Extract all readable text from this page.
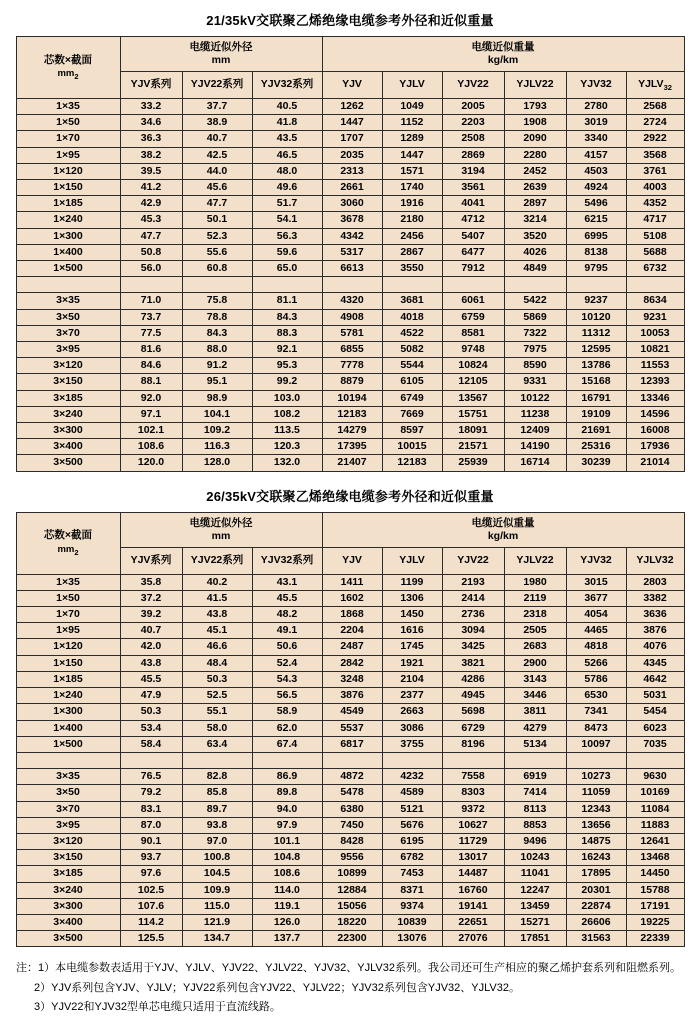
21/35kV交联聚乙烯绝缘电缆参考外径和近似重量
芯数×截面
$mm_2$	电缆近似外径
mm			电缆近似重量
kg/km					
	YJV系列	YJV22系列	YJV32系列	YJV	YJLV	YJV22	YJLV22	YJV32	$YJLV_{32}$
1×35	33.2	37.7	40.5	1262	1049	2005	1793	2780	2568
1×50	34.6	38.9	41.8	1447	1152	2203	1908	3019	2724
1×70	36.3	40.7	43.5	1707	1289	2508	2090	3340	2922
1×95	38.2	42.5	46.5	2035	1447	2869	2280	4157	3568
1×120	39.5	44.0	48.0	2313	1571	3194	2452	4503	3761
1×150	41.2	45.6	49.6	2661	1740	3561	2639	4924	4003
1×185	42.9	47.7	51.7	3060	1916	4041	2897	5496	4352
1×240	45.3	50.1	54.1	3678	2180	4712	3214	6215	4717
1×300	47.7	52.3	56.3	4342	2456	5407	3520	6995	5108
1×400	50.8	55.6	59.6	5317	2867	6477	4026	8138	5688
1×500	56.0	60.8	65.0	6613	3550	7912	4849	9795	6732

3×35	71.0	75.8	81.1	4320	3681	6061	5422	9237	8634
3×50	73.7	78.8	84.3	4908	4018	6759	5869	10120	9231
3×70	77.5	84.3	88.3	5781	4522	8581	7322	11312	10053
3×95	81.6	88.0	92.1	6855	5082	9748	7975	12595	10821
3×120	84.6	91.2	95.3	7778	5544	10824	8590	13786	11553
3×150	88.1	95.1	99.2	8879	6105	12105	9331	15168	12393
3×185	92.0	98.9	103.0	10194	6749	13567	10122	16791	13346
3×240	97.1	104.1	108.2	12183	7669	15751	11238	19109	14596
3×300	102.1	109.2	113.5	14279	8597	18091	12409	21691	16008
3×400	108.6	116.3	120.3	17395	10015	21571	14190	25316	17936
3×500	120.0	128.0	132.0	21407	12183	25939	16714	30239	21014
26/35kV交联聚乙烯绝缘电缆参考外径和近似重量
芯数×截面
$mm_2$	电缆近似外径
mm			电缆近似重量
kg/km					
	YJV系列	YJV22系列	YJV32系列	YJV	YJLV	YJV22	YJLV22	YJV32	YJLV32
1×35	35.8	40.2	43.1	1411	1199	2193	1980	3015	2803
1×50	37.2	41.5	45.5	1602	1306	2414	2119	3677	3382
1×70	39.2	43.8	48.2	1868	1450	2736	2318	4054	3636
1×95	40.7	45.1	49.1	2204	1616	3094	2505	4465	3876
1×120	42.0	46.6	50.6	2487	1745	3425	2683	4818	4076
1×150	43.8	48.4	52.4	2842	1921	3821	2900	5266	4345
1×185	45.5	50.3	54.3	3248	2104	4286	3143	5786	4642
1×240	47.9	52.5	56.5	3876	2377	4945	3446	6530	5031
1×300	50.3	55.1	58.9	4549	2663	5698	3811	7341	5454
1×400	53.4	58.0	62.0	5537	3086	6729	4279	8473	6023
1×500	58.4	63.4	67.4	6817	3755	8196	5134	10097	7035

3×35	76.5	82.8	86.9	4872	4232	7558	6919	10273	9630
3×50	79.2	85.8	89.8	5478	4589	8303	7414	11059	10169
3×70	83.1	89.7	94.0	6380	5121	9372	8113	12343	11084
3×95	87.0	93.8	97.9	7450	5676	10627	8853	13656	11883
3×120	90.1	97.0	101.1	8428	6195	11729	9496	14875	12641
3×150	93.7	100.8	104.8	9556	6782	13017	10243	16243	13468
3×185	97.6	104.5	108.6	10899	7453	14487	11041	17895	14450
3×240	102.5	109.9	114.0	12884	8371	16760	12247	20301	15788
3×300	107.6	115.0	119.1	15056	9374	19141	13459	22874	17191
3×400	114.2	121.9	126.0	18220	10839	22651	15271	26606	19225
3×500	125.5	134.7	137.7	22300	13076	27076	17851	31563	22339
注：1）本电缆参数表适用于YJV、YJLV、YJV22、YJLV22、YJV32、YJLV32系列。我公司还可生产相应的聚乙烯护套系列和阻燃系列。
2）YJV系列包含YJV、YJLV；YJV22系列包含YJV22、YJLV22；YJV32系列包含YJV32、YJLV32。
3）YJV22和YJV32型单芯电缆只适用于直流线路。
